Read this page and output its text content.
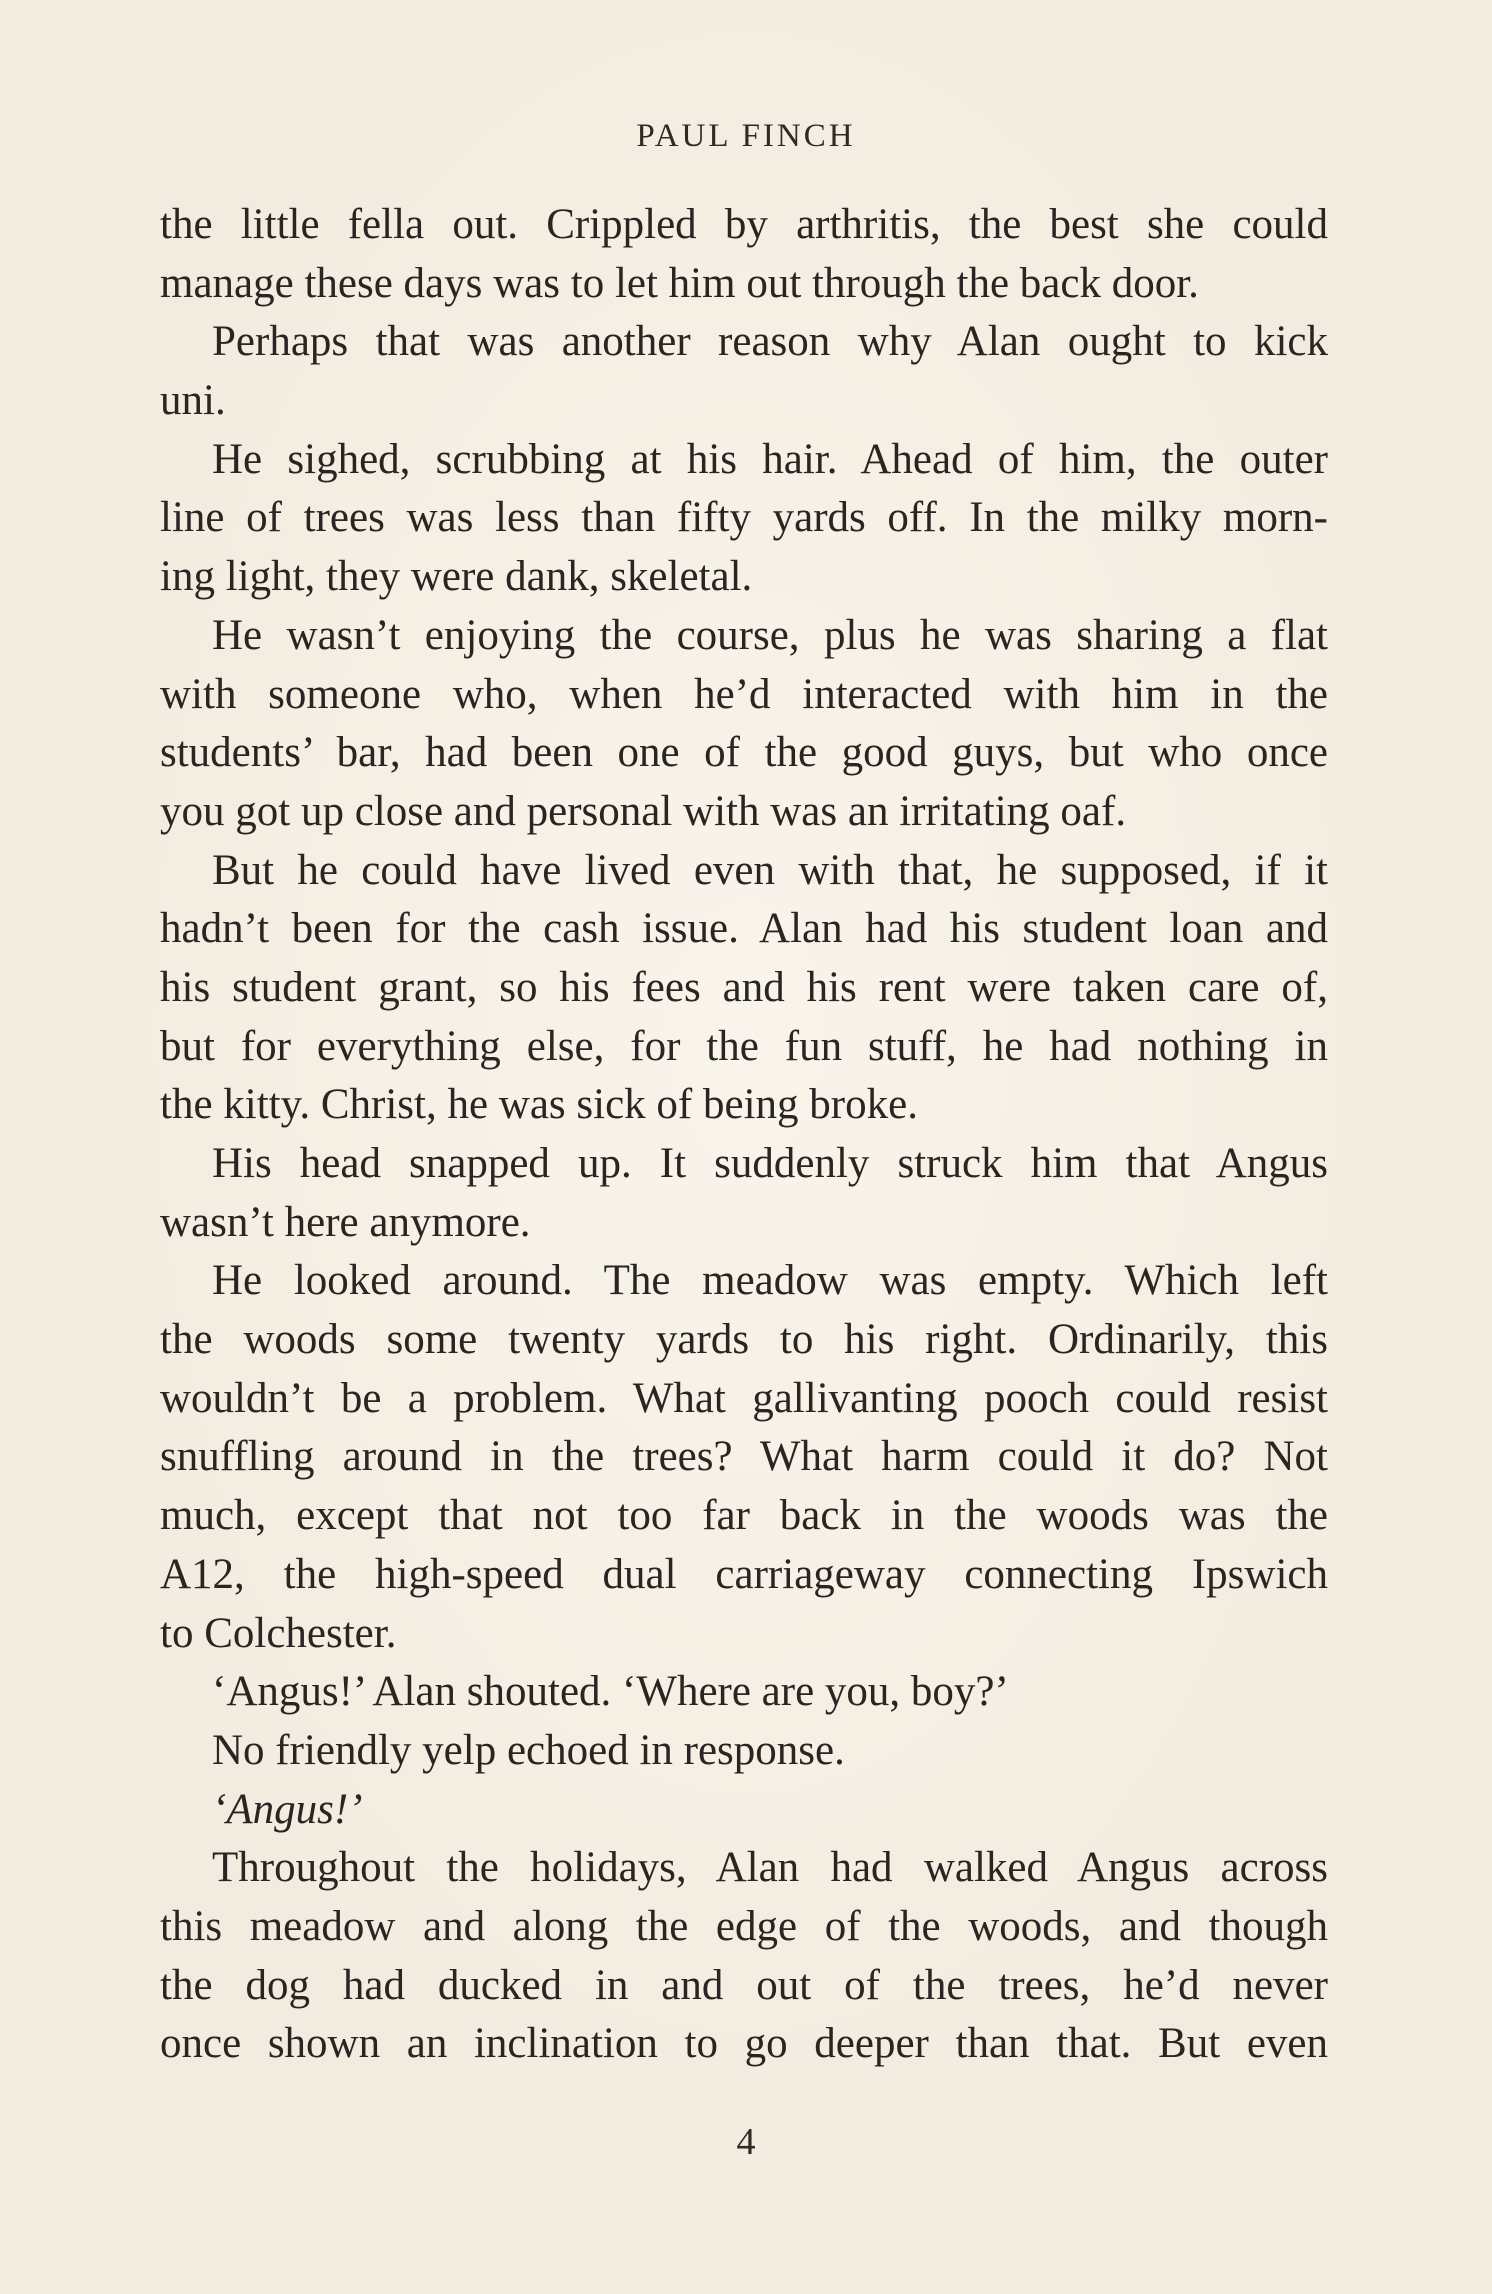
PAUL FINCH
the little fella out. Crippled by arthritis, the best she could
manage these days was to let him out through the back door.
Perhaps that was another reason why Alan ought to kick
uni.
He sighed, scrubbing at his hair. Ahead of him, the outer
line of trees was less than fifty yards off. In the milky morn-
ing light, they were dank, skeletal.
He wasn’t enjoying the course, plus he was sharing a flat
with someone who, when he’d interacted with him in the
students’ bar, had been one of the good guys, but who once
you got up close and personal with was an irritating oaf.
But he could have lived even with that, he supposed, if it
hadn’t been for the cash issue. Alan had his student loan and
his student grant, so his fees and his rent were taken care of,
but for everything else, for the fun stuff, he had nothing in
the kitty. Christ, he was sick of being broke.
His head snapped up. It suddenly struck him that Angus
wasn’t here anymore.
He looked around. The meadow was empty. Which left
the woods some twenty yards to his right. Ordinarily, this
wouldn’t be a problem. What gallivanting pooch could resist
snuffling around in the trees? What harm could it do? Not
much, except that not too far back in the woods was the
A12, the high-speed dual carriageway connecting Ipswich
to Colchester.
‘Angus!’ Alan shouted. ‘Where are you, boy?’
No friendly yelp echoed in response.
‘Angus!’
Throughout the holidays, Alan had walked Angus across
this meadow and along the edge of the woods, and though
the dog had ducked in and out of the trees, he’d never
once shown an inclination to go deeper than that. But even
4
